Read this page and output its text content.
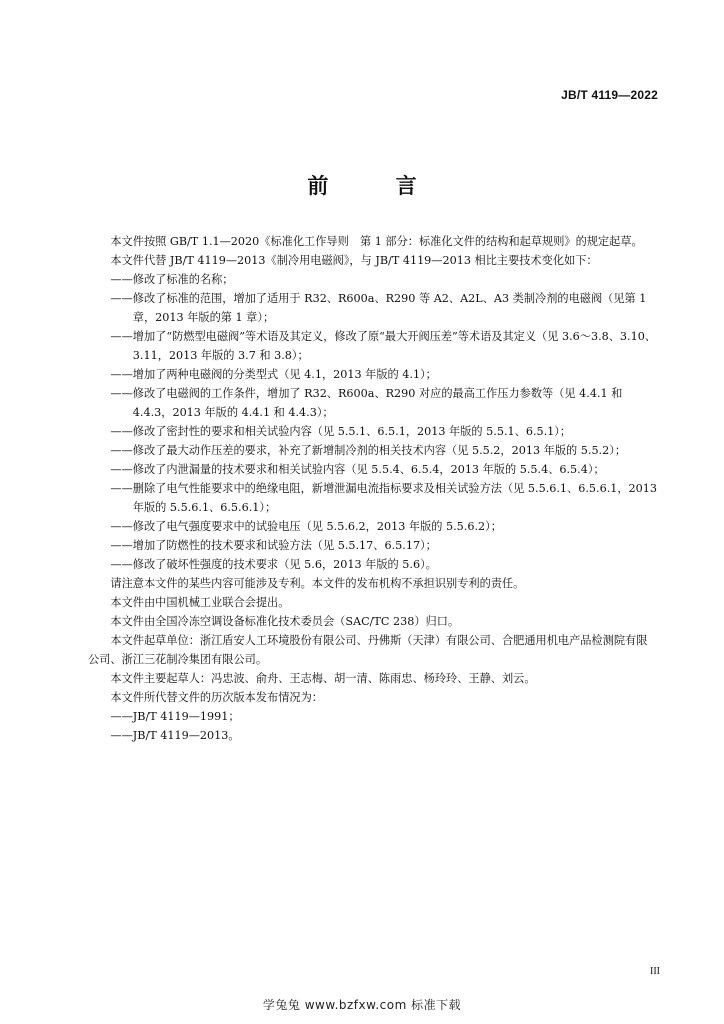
JB/T 4119—2022
前 言

本文件按照 GB/T 1.1—2020《标准化工作导则　第 1 部分：标准化文件的结构和起草规则》的规定起草。

本文件代替 JB/T 4119—2013《制冷用电磁阀》，与 JB/T 4119—2013 相比主要技术变化如下：

——修改了标准的名称；

——修改了标准的范围，增加了适用于 R32、R600a、R290 等 A2、A2L、A3 类制冷剂的电磁阀（见第 1 章，2013 年版的第 1 章）；

——增加了“防燃型电磁阀”等术语及其定义，修改了原“最大开阀压差”等术语及其定义（见 3.6～3.8、3.10、3.11，2013 年版的 3.7 和 3.8）；

——增加了两种电磁阀的分类型式（见 4.1，2013 年版的 4.1）；

——修改了电磁阀的工作条件，增加了 R32、R600a、R290 对应的最高工作压力参数等（见 4.4.1 和 4.4.3，2013 年版的 4.4.1 和 4.4.3）；

——修改了密封性的要求和相关试验内容（见 5.5.1、6.5.1，2013 年版的 5.5.1、6.5.1）；

——修改了最大动作压差的要求，补充了新增制冷剂的相关技术内容（见 5.5.2，2013 年版的 5.5.2）；

——修改了内泄漏量的技术要求和相关试验内容（见 5.5.4、6.5.4，2013 年版的 5.5.4、6.5.4）；

——删除了电气性能要求中的绝缘电阻，新增泄漏电流指标要求及相关试验方法（见 5.5.6.1、6.5.6.1，2013 年版的 5.5.6.1、6.5.6.1）；

——修改了电气强度要求中的试验电压（见 5.5.6.2，2013 年版的 5.5.6.2）；

——增加了防燃性的技术要求和试验方法（见 5.5.17、6.5.17）；

——修改了破坏性强度的技术要求（见 5.6，2013 年版的 5.6）。

请注意本文件的某些内容可能涉及专利。本文件的发布机构不承担识别专利的责任。

本文件由中国机械工业联合会提出。

本文件由全国冷冻空调设备标准化技术委员会（SAC/TC 238）归口。

本文件起草单位：浙江盾安人工环境股份有限公司、丹佛斯（天津）有限公司、合肥通用机电产品检测院有限公司、浙江三花制冷集团有限公司。

本文件主要起草人：冯忠波、俞舟、王志梅、胡一清、陈雨忠、杨玲玲、王静、刘云。

本文件所代替文件的历次版本发布情况为：

——JB/T 4119—1991；

——JB/T 4119—2013。

III
学兔兔 www.bzfxw.com 标准下载
